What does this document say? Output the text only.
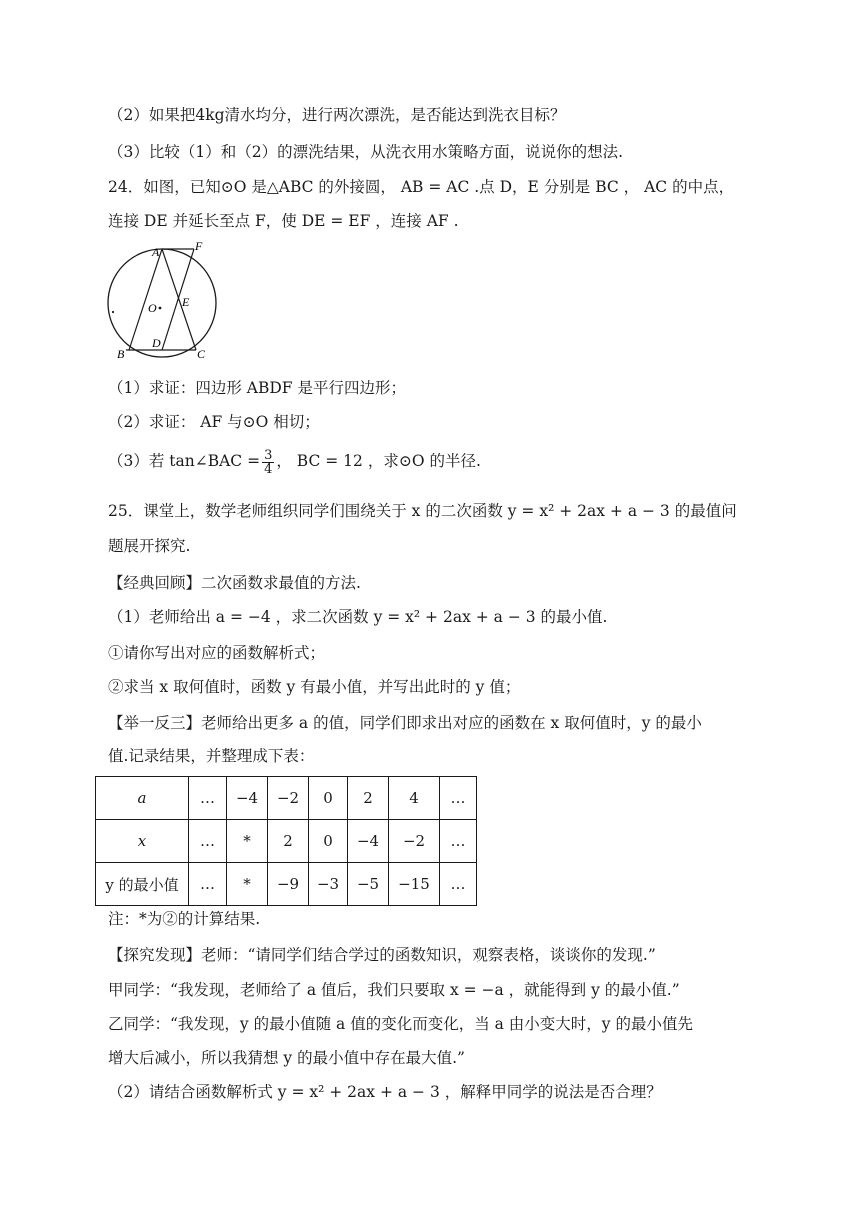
（2）如果把4kg清水均分，进行两次漂洗，是否能达到洗衣目标？
（3）比较（1）和（2）的漂洗结果，从洗衣用水策略方面，说说你的想法.
24．如图，已知⊙O 是△ABC 的外接圆， AB = AC .点 D，E 分别是 BC ， AC 的中点，
连接 DE 并延长至点 F，使 DE = EF ，连接 AF .
A	F
O E
B
D
C
（1）求证：四边形 ABDF 是平行四边形；
（2）求证： AF 与⊙O 相切；
（3）若 tan∠BAC = $\frac{3}{4}$ ， BC = 12 ，求⊙O 的半径.
25．课堂上，数学老师组织同学们围绕关于 x 的二次函数 y = x² + 2ax + a − 3 的最值问
题展开探究.
【经典回顾】二次函数求最值的方法.
（1）老师给出 a = −4 ，求二次函数 y = x² + 2ax + a − 3 的最小值.
①请你写出对应的函数解析式；
②求当 x 取何值时，函数 y 有最小值，并写出此时的 y 值；
【举一反三】老师给出更多 a 的值，同学们即求出对应的函数在 x 取何值时，y 的最小
值.记录结果，并整理成下表：
a	…	−4	−2	0	2	4	…
x	…	*	2	0	−4	−2	…
y 的最小值	…	*	−9	−3	−5	−15	…
注：*为②的计算结果.
【探究发现】老师：“请同学们结合学过的函数知识，观察表格，谈谈你的发现.”
甲同学：“我发现，老师给了 a 值后，我们只要取 x = −a ，就能得到 y 的最小值.”
乙同学：“我发现，y 的最小值随 a 值的变化而变化，当 a 由小变大时，y 的最小值先
增大后减小，所以我猜想 y 的最小值中存在最大值.”
（2）请结合函数解析式 y = x² + 2ax + a − 3 ，解释甲同学的说法是否合理？
